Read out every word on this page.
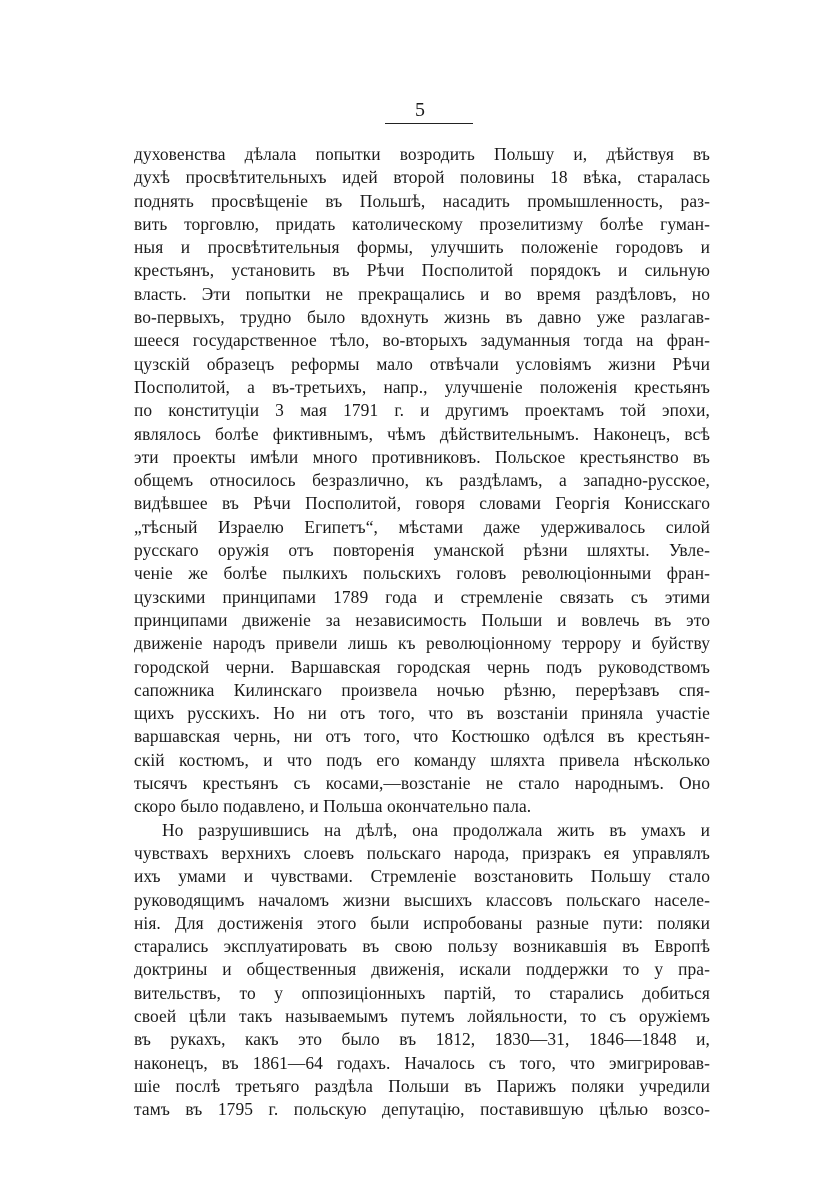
5
духовенства дѣлала попытки возродить Польшу и, дѣйствуя въ
духѣ просвѣтительныхъ идей второй половины 18 вѣка, старалась
поднять просвѣщенiе въ Польшѣ, насадить промышленность, раз-
вить торговлю, придать католическому прозелитизму болѣе гуман-
ныя и просвѣтительныя формы, улучшить положенiе городовъ и
крестьянъ, установить въ Рѣчи Посполитой порядокъ и сильную
власть. Эти попытки не прекращались и во время раздѣловъ, но
во-первыхъ, трудно было вдохнуть жизнь въ давно уже разлагав-
шееся государственное тѣло, во-вторыхъ задуманныя тогда на фран-
цузскiй образецъ реформы мало отвѣчали условiямъ жизни Рѣчи
Посполитой, а въ-третьихъ, напр., улучшенiе положенiя крестьянъ
по конституцiи 3 мая 1791 г. и другимъ проектамъ той эпохи,
являлось болѣе фиктивнымъ, чѣмъ дѣйствительнымъ. Наконецъ, всѣ
эти проекты имѣли много противниковъ. Польское крестьянство въ
общемъ относилось безразлично, къ раздѣламъ, а западно-русское,
видѣвшее въ Рѣчи Посполитой, говоря словами Георгiя Конисскаго
„тѣсный Израелю Египетъ“, мѣстами даже удерживалось силой
русскаго оружiя отъ повторенiя уманской рѣзни шляхты. Увле-
ченiе же болѣе пылкихъ польскихъ головъ революцiонными фран-
цузскими принципами 1789 года и стремленiе связать съ этими
принципами движенiе за независимость Польши и вовлечь въ это
движенiе народъ привели лишь къ революцiонному террору и буйству
городской черни. Варшавская городская чернь подъ руководствомъ
сапожника Килинскаго произвела ночью рѣзню, перерѣзавъ спя-
щихъ русскихъ. Но ни отъ того, что въ возстанiи приняла участiе
варшавская чернь, ни отъ того, что Костюшко одѣлся въ крестьян-
скiй костюмъ, и что подъ его команду шляхта привела нѣсколько
тысячъ крестьянъ съ косами,—возстанiе не стало народнымъ. Оно
скоро было подавлено, и Польша окончательно пала.
Но разрушившись на дѣлѣ, она продолжала жить въ умахъ и
чувствахъ верхнихъ слоевъ польскаго народа, призракъ ея управлялъ
ихъ умами и чувствами. Стремленiе возстановить Польшу стало
руководящимъ началомъ жизни высшихъ классовъ польскаго населе-
нiя. Для достиженiя этого были испробованы разные пути: поляки
старались эксплуатировать въ свою пользу возникавшiя въ Европѣ
доктрины и общественныя движенiя, искали поддержки то у пра-
вительствъ, то у оппозицiонныхъ партiй, то старались добиться
своей цѣли такъ называемымъ путемъ лойяльности, то съ оружiемъ
въ рукахъ, какъ это было въ 1812, 1830—31, 1846—1848 и,
наконецъ, въ 1861—64 годахъ. Началось съ того, что эмигрировав-
шiе послѣ третьяго раздѣла Польши въ Парижъ поляки учредили
тамъ въ 1795 г. польскую депутацiю, поставившую цѣлью возсо-
